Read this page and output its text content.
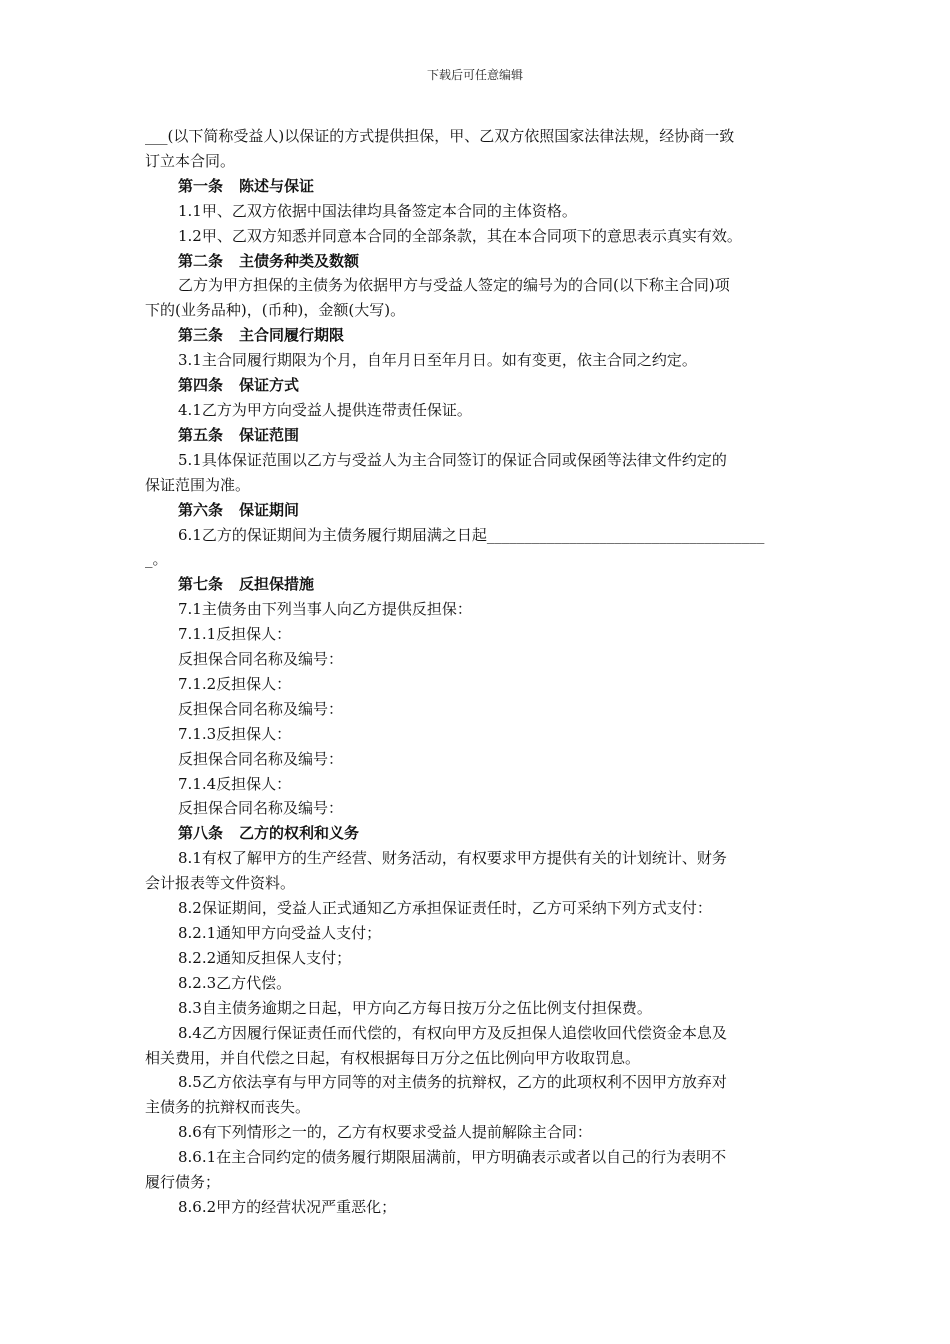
下载后可任意编辑
___(以下简称受益人)以保证的方式提供担保，甲、乙双方依照国家法律法规，经协商一致
订立本合同。
第一条 陈述与保证
1.1甲、乙双方依据中国法律均具备签定本合同的主体资格。
1.2甲、乙双方知悉并同意本合同的全部条款，其在本合同项下的意思表示真实有效。
第二条 主债务种类及数额
乙方为甲方担保的主债务为依据甲方与受益人签定的编号为的合同(以下称主合同)项
下的(业务品种)，(币种)，金额(大写)。
第三条 主合同履行期限
3.1主合同履行期限为个月，自年月日至年月日。如有变更，依主合同之约定。
第四条 保证方式
4.1乙方为甲方向受益人提供连带责任保证。
第五条 保证范围
5.1具体保证范围以乙方与受益人为主合同签订的保证合同或保函等法律文件约定的
保证范围为准。
第六条 保证期间
6.1乙方的保证期间为主债务履行期届满之日起_____________________________________
_。
第七条 反担保措施
7.1主债务由下列当事人向乙方提供反担保：
7.1.1反担保人：
反担保合同名称及编号：
7.1.2反担保人：
反担保合同名称及编号：
7.1.3反担保人：
反担保合同名称及编号：
7.1.4反担保人：
反担保合同名称及编号：
第八条 乙方的权利和义务
8.1有权了解甲方的生产经营、财务活动，有权要求甲方提供有关的计划统计、财务
会计报表等文件资料。
8.2保证期间，受益人正式通知乙方承担保证责任时，乙方可采纳下列方式支付：
8.2.1通知甲方向受益人支付；
8.2.2通知反担保人支付；
8.2.3乙方代偿。
8.3自主债务逾期之日起，甲方向乙方每日按万分之伍比例支付担保费。
8.4乙方因履行保证责任而代偿的，有权向甲方及反担保人追偿收回代偿资金本息及
相关费用，并自代偿之日起，有权根据每日万分之伍比例向甲方收取罚息。
8.5乙方依法享有与甲方同等的对主债务的抗辩权，乙方的此项权利不因甲方放弃对
主债务的抗辩权而丧失。
8.6有下列情形之一的，乙方有权要求受益人提前解除主合同：
8.6.1在主合同约定的债务履行期限届满前，甲方明确表示或者以自己的行为表明不
履行债务；
8.6.2甲方的经营状况严重恶化；
